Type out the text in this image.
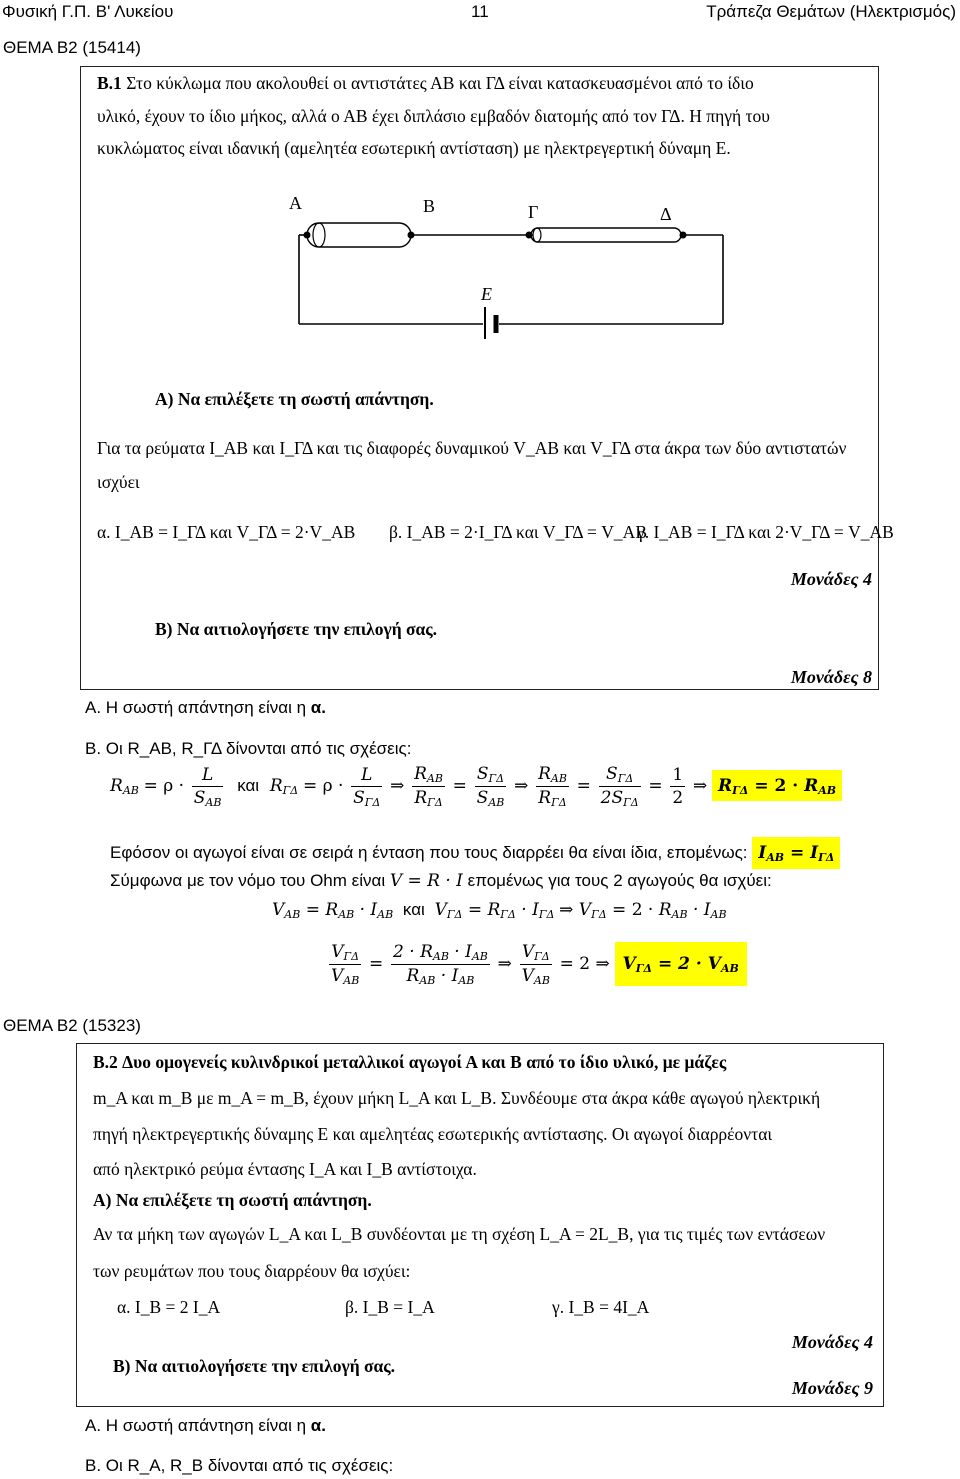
Φυσική Γ.Π. Β' Λυκείου	11	Τράπεζα Θεμάτων (Ηλεκτρισμός)
ΘΕΜΑ Β2 (15414)
B.1 Στο κύκλωμα που ακολουθεί οι αντιστάτες ΑΒ και ΓΔ είναι κατασκευασμένοι από το ίδιο
υλικό, έχουν το ίδιο μήκος, αλλά ο ΑΒ έχει διπλάσιο εμβαδόν διατομής από τον ΓΔ. Η πηγή του
κυκλώματος είναι ιδανική (αμελητέα εσωτερική αντίσταση) με ηλεκτρεγερτική δύναμη E.
A	B	Γ	Δ
E
A) Να επιλέξετε τη σωστή απάντηση.
Για τα ρεύματα I_AB και I_ΓΔ και τις διαφορές δυναμικού V_AB και V_ΓΔ στα άκρα των δύο αντιστατών
ισχύει
α. I_AB = I_ΓΔ και V_ΓΔ = 2·V_AB	β. I_AB = 2·I_ΓΔ και V_ΓΔ = V_AB
γ. I_AB = I_ΓΔ και 2·V_ΓΔ = V_AB
Μονάδες 4
B) Να αιτιολογήσετε την επιλογή σας.
Μονάδες 8
Α. Η σωστή απάντηση είναι η α.
Β. Οι R_AB, R_ΓΔ δίνονται από τις σχέσεις:
$R_{AB} = \rho \cdot \frac{L}{S_{AB}}$ και $R_{\Gamma\Delta} = \rho \cdot \frac{L}{S_{\Gamma\Delta}}$ ⇒ $\frac{R_{AB}}{R_{\Gamma\Delta}} = \frac{S_{\Gamma\Delta}}{S_{AB}}$ ⇒ $\frac{R_{AB}}{R_{\Gamma\Delta}} = \frac{S_{\Gamma\Delta}}{2S_{\Gamma\Delta}} = \frac{1}{2}$ ⇒ $R_{\Gamma\Delta} = 2 \cdot R_{AB}$
Εφόσον οι αγωγοί είναι σε σειρά η ένταση που τους διαρρέει θα είναι ίδια, επομένως: $I_{AB} = I_{\Gamma\Delta}$
Σύμφωνα με τον νόμο του Ohm είναι V = R · I επομένως για τους 2 αγωγούς θα ισχύει:
$V_{AB} = R_{AB} \cdot I_{AB}$ και $V_{\Gamma\Delta} = R_{\Gamma\Delta} \cdot I_{\Gamma\Delta}$ ⇒ $V_{\Gamma\Delta} = 2 \cdot R_{AB} \cdot I_{AB}$
$\frac{V_{\Gamma\Delta}}{V_{AB}} = \frac{2 \cdot R_{AB} \cdot I_{AB}}{R_{AB} \cdot I_{AB}}$ ⇒ $\frac{V_{\Gamma\Delta}}{V_{AB}} = 2$ ⇒ $V_{\Gamma\Delta} = 2 \cdot V_{AB}$
ΘΕΜΑ Β2 (15323)
B.2 Δυο ομογενείς κυλινδρικοί μεταλλικοί αγωγοί Α και Β από το ίδιο υλικό, με μάζες
m_A και m_B με m_A = m_B, έχουν μήκη L_A και L_B. Συνδέουμε στα άκρα κάθε αγωγού ηλεκτρική
πηγή ηλεκτρεγερτικής δύναμης E και αμελητέας εσωτερικής αντίστασης. Οι αγωγοί διαρρέονται
από ηλεκτρικό ρεύμα έντασης I_A και I_B αντίστοιχα.
A) Να επιλέξετε τη σωστή απάντηση.
Αν τα μήκη των αγωγών L_A και L_B συνδέονται με τη σχέση L_A = 2L_B, για τις τιμές των εντάσεων
των ρευμάτων που τους διαρρέουν θα ισχύει:
α. I_B = 2 I_A	β. I_B = I_A	γ. I_B = 4I_A
Μονάδες 4
B) Να αιτιολογήσετε την επιλογή σας.
Μονάδες 9
Α. Η σωστή απάντηση είναι η α.
Β. Οι R_A, R_B δίνονται από τις σχέσεις:
